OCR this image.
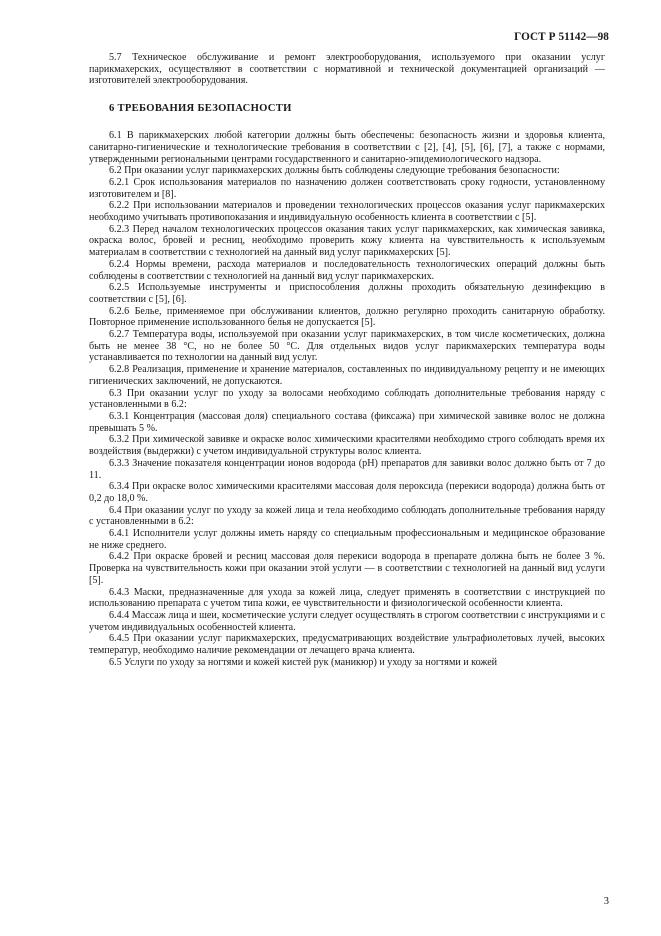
ГОСТ Р 51142—98

5.7 Техническое обслуживание и ремонт электрооборудования, используемого при оказании услуг парикмахерских, осуществляют в соответствии с нормативной и технической документацией организаций — изготовителей электрооборудования.

6 ТРЕБОВАНИЯ БЕЗОПАСНОСТИ

6.1 В парикмахерских любой категории должны быть обеспечены: безопасность жизни и здоровья клиента, санитарно-гигиенические и технологические требования в соответствии с [2], [4], [5], [6], [7], а также с нормами, утвержденными региональными центрами государственного и санитарно-эпидемиологического надзора.

6.2 При оказании услуг парикмахерских должны быть соблюдены следующие требования безопасности:

6.2.1 Срок использования материалов по назначению должен соответствовать сроку годности, установленному изготовителем и [8].

6.2.2 При использовании материалов и проведении технологических процессов оказания услуг парикмахерских необходимо учитывать противопоказания и индивидуальную особенность клиента в соответствии с [5].

6.2.3 Перед началом технологических процессов оказания таких услуг парикмахерских, как химическая завивка, окраска волос, бровей и ресниц, необходимо проверить кожу клиента на чувствительность к используемым материалам в соответствии с технологией на данный вид услуг парикмахерских [5].

6.2.4 Нормы времени, расхода материалов и последовательность технологических операций должны быть соблюдены в соответствии с технологией на данный вид услуг парикмахерских.

6.2.5 Используемые инструменты и приспособления должны проходить обязательную дезинфекцию в соответствии с [5], [6].

6.2.6 Белье, применяемое при обслуживании клиентов, должно регулярно проходить санитарную обработку. Повторное применение использованного белья не допускается [5].

6.2.7 Температура воды, используемой при оказании услуг парикмахерских, в том числе косметических, должна быть не менее 38 °C, но не более 50 °C. Для отдельных видов услуг парикмахерских температура воды устанавливается по технологии на данный вид услуг.

6.2.8 Реализация, применение и хранение материалов, составленных по индивидуальному рецепту и не имеющих гигиенических заключений, не допускаются.

6.3 При оказании услуг по уходу за волосами необходимо соблюдать дополнительные требования наряду с установленными в 6.2:

6.3.1 Концентрация (массовая доля) специального состава (фиксажа) при химической завивке волос не должна превышать 5 %.

6.3.2 При химической завивке и окраске волос химическими красителями необходимо строго соблюдать время их воздействия (выдержки) с учетом индивидуальной структуры волос клиента.

6.3.3 Значение показателя концентрации ионов водорода (pH) препаратов для завивки волос должно быть от 7 до 11.

6.3.4 При окраске волос химическими красителями массовая доля пероксида (перекиси водорода) должна быть от 0,2 до 18,0 %.

6.4 При оказании услуг по уходу за кожей лица и тела необходимо соблюдать дополнительные требования наряду с установленными в 6.2:

6.4.1 Исполнители услуг должны иметь наряду со специальным профессиональным и медицинское образование не ниже среднего.

6.4.2 При окраске бровей и ресниц массовая доля перекиси водорода в препарате должна быть не более 3 %. Проверка на чувствительность кожи при оказании этой услуги — в соответствии с технологией на данный вид услуги [5].

6.4.3 Маски, предназначенные для ухода за кожей лица, следует применять в соответствии с инструкцией по использованию препарата с учетом типа кожи, ее чувствительности и физиологической особенности клиента.

6.4.4 Массаж лица и шеи, косметические услуги следует осуществлять в строгом соответствии с инструкциями и с учетом индивидуальных особенностей клиента.

6.4.5 При оказании услуг парикмахерских, предусматривающих воздействие ультрафиолетовых лучей, высоких температур, необходимо наличие рекомендации от лечащего врача клиента.

6.5 Услуги по уходу за ногтями и кожей кистей рук (маникюр) и уходу за ногтями и кожей

3
